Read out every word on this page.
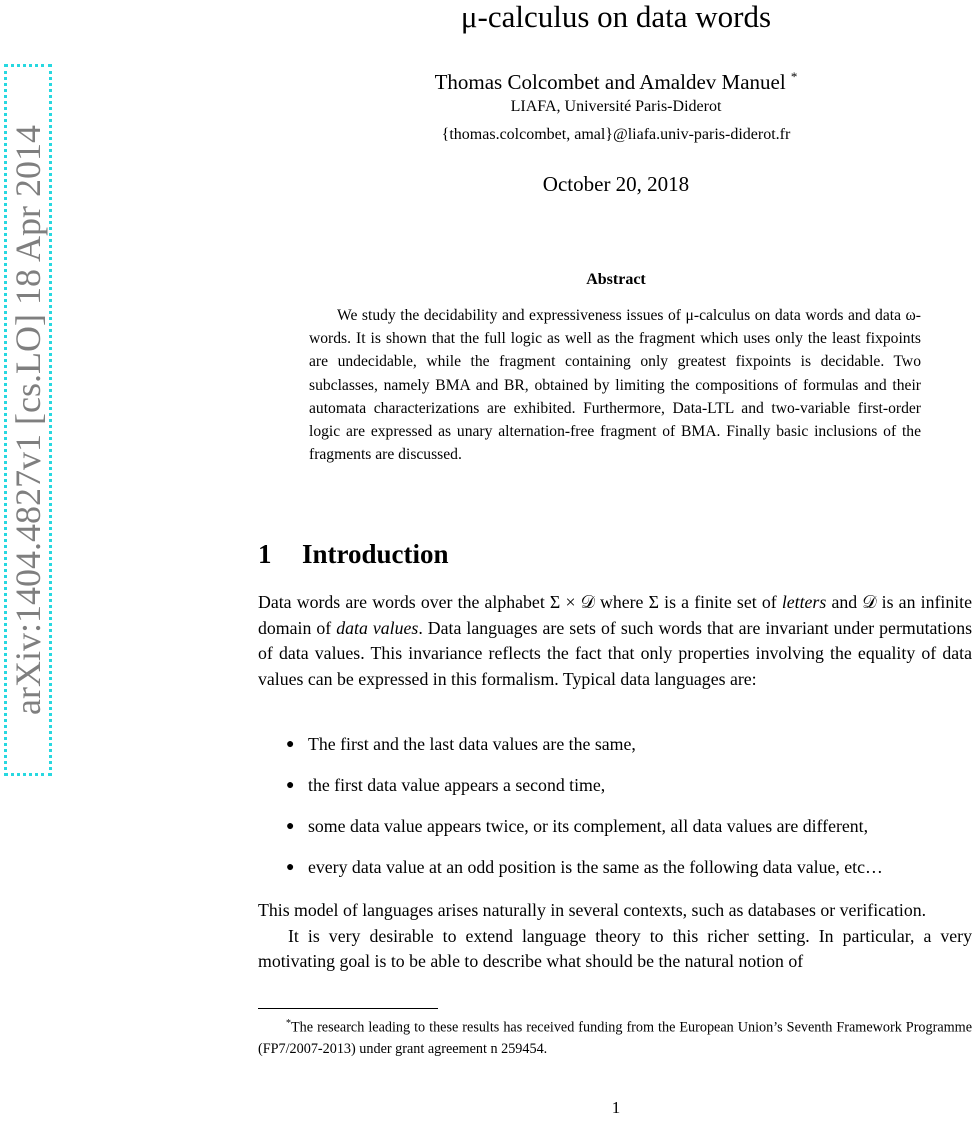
arXiv:1404.4827v1 [cs.LO] 18 Apr 2014
μ-calculus on data words
Thomas Colcombet and Amaldev Manuel *
LIAFA, Université Paris-Diderot
{thomas.colcombet, amal}@liafa.univ-paris-diderot.fr
October 20, 2018
Abstract

We study the decidability and expressiveness issues of μ-calculus on data words and data ω-words. It is shown that the full logic as well as the fragment which uses only the least fixpoints are undecidable, while the fragment containing only greatest fixpoints is decidable. Two subclasses, namely BMA and BR, obtained by limiting the compositions of formulas and their automata characterizations are exhibited. Furthermore, Data-LTL and two-variable first-order logic are expressed as unary alternation-free fragment of BMA. Finally basic inclusions of the fragments are discussed.

1 Introduction

Data words are words over the alphabet Σ × 𝒟 where Σ is a finite set of letters and 𝒟 is an infinite domain of data values. Data languages are sets of such words that are invariant under permutations of data values. This invariance reflects the fact that only properties involving the equality of data values can be expressed in this formalism. Typical data languages are:

● The first and the last data values are the same,
● the first data value appears a second time,
● some data value appears twice, or its complement, all data values are different,
● every data value at an odd position is the same as the following data value, etc…

This model of languages arises naturally in several contexts, such as databases or verification.

It is very desirable to extend language theory to this richer setting. In particular, a very motivating goal is to be able to describe what should be the natural notion of

*The research leading to these results has received funding from the European Union’s Seventh Framework Programme (FP7/2007-2013) under grant agreement n 259454.

1
